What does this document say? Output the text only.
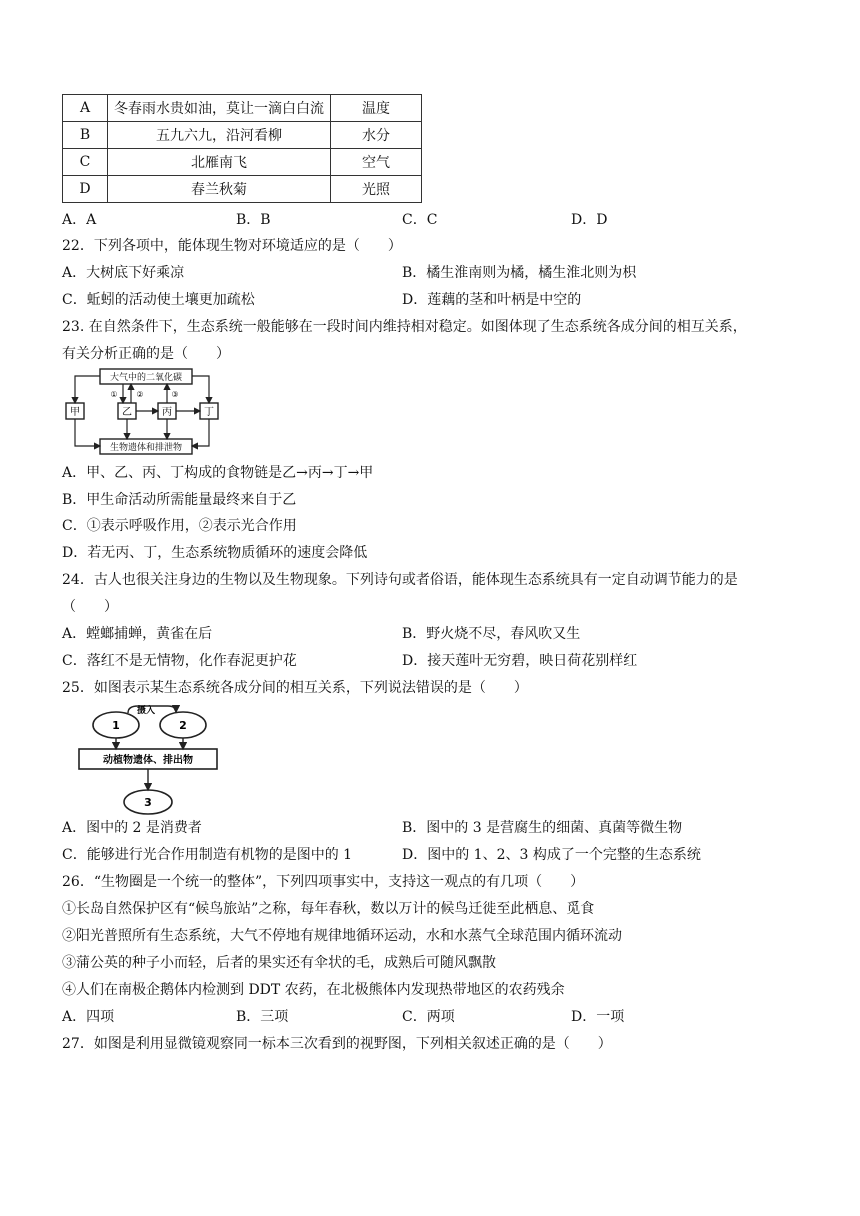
A	冬春雨水贵如油，莫让一滴白白流	温度
B	五九六九，沿河看柳	水分
C	北雁南飞	空气
D	春兰秋菊	光照
A．A	B．B	C．C	D．D
22．下列各项中，能体现生物对环境适应的是（　　）
A．大树底下好乘凉	B．橘生淮南则为橘，橘生淮北则为枳
C．蚯蚓的活动使土壤更加疏松	D．莲藕的茎和叶柄是中空的
23. 在自然条件下，生态系统一般能够在一段时间内维持相对稳定。如图体现了生态系统各成分间的相互关系，
有关分析正确的是（　　）
大气中的二氧化碳
生物遗体和排泄物
甲	乙	丙	丁
① ②	③
A．甲、乙、丙、丁构成的食物链是乙→丙→丁→甲
B．甲生命活动所需能量最终来自于乙
C．①表示呼吸作用，②表示光合作用
D．若无丙、丁，生态系统物质循环的速度会降低
24．古人也很关注身边的生物以及生物现象。下列诗句或者俗语，能体现生态系统具有一定自动调节能力的是
（　　）
A．螳螂捕蝉，黄雀在后	B．野火烧不尽，春风吹又生
C．落红不是无情物，化作春泥更护花	D．接天莲叶无穷碧，映日荷花别样红
25．如图表示某生态系统各成分间的相互关系，下列说法错误的是（　　）
1	2
摄入
动植物遗体、排出物
3
A．图中的 2 是消费者	B．图中的 3 是营腐生的细菌、真菌等微生物
C．能够进行光合作用制造有机物的是图中的 1	D．图中的 1、2、3 构成了一个完整的生态系统
26．“生物圈是一个统一的整体”，下列四项事实中，支持这一观点的有几项（　　）
①长岛自然保护区有“候鸟旅站”之称，每年春秋，数以万计的候鸟迁徙至此栖息、觅食
②阳光普照所有生态系统，大气不停地有规律地循环运动，水和水蒸气全球范围内循环流动
③蒲公英的种子小而轻，后者的果实还有伞状的毛，成熟后可随风飘散
④人们在南极企鹅体内检测到 DDT 农药，在北极熊体内发现热带地区的农药残余
A．四项	B．三项	C．两项	D．一项
27．如图是利用显微镜观察同一标本三次看到的视野图，下列相关叙述正确的是（　　）
